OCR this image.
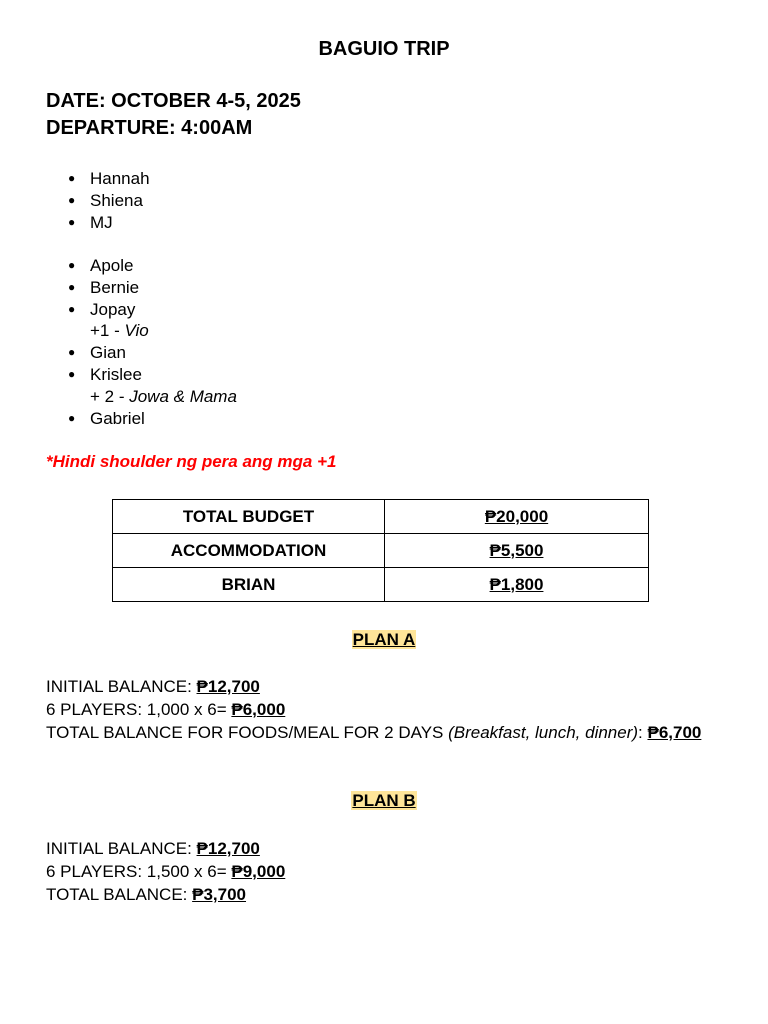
BAGUIO TRIP
DATE: OCTOBER 4-5, 2025
DEPARTURE: 4:00AM
● Hannah
● Shiena
● MJ
● Apole
● Bernie
● Jopay
+1 - Vio
● Gian
● Krislee
+ 2 - Jowa & Mama
● Gabriel
*Hindi shoulder ng pera ang mga +1
TOTAL BUDGET	₱20,000
ACCOMMODATION	₱5,500
BRIAN	₱1,800
PLAN A
INITIAL BALANCE: ₱12,700
6 PLAYERS: 1,000 x 6= ₱6,000
TOTAL BALANCE FOR FOODS/MEAL FOR 2 DAYS (Breakfast, lunch, dinner): ₱6,700
PLAN B
INITIAL BALANCE: ₱12,700
6 PLAYERS: 1,500 x 6= ₱9,000
TOTAL BALANCE: ₱3,700
